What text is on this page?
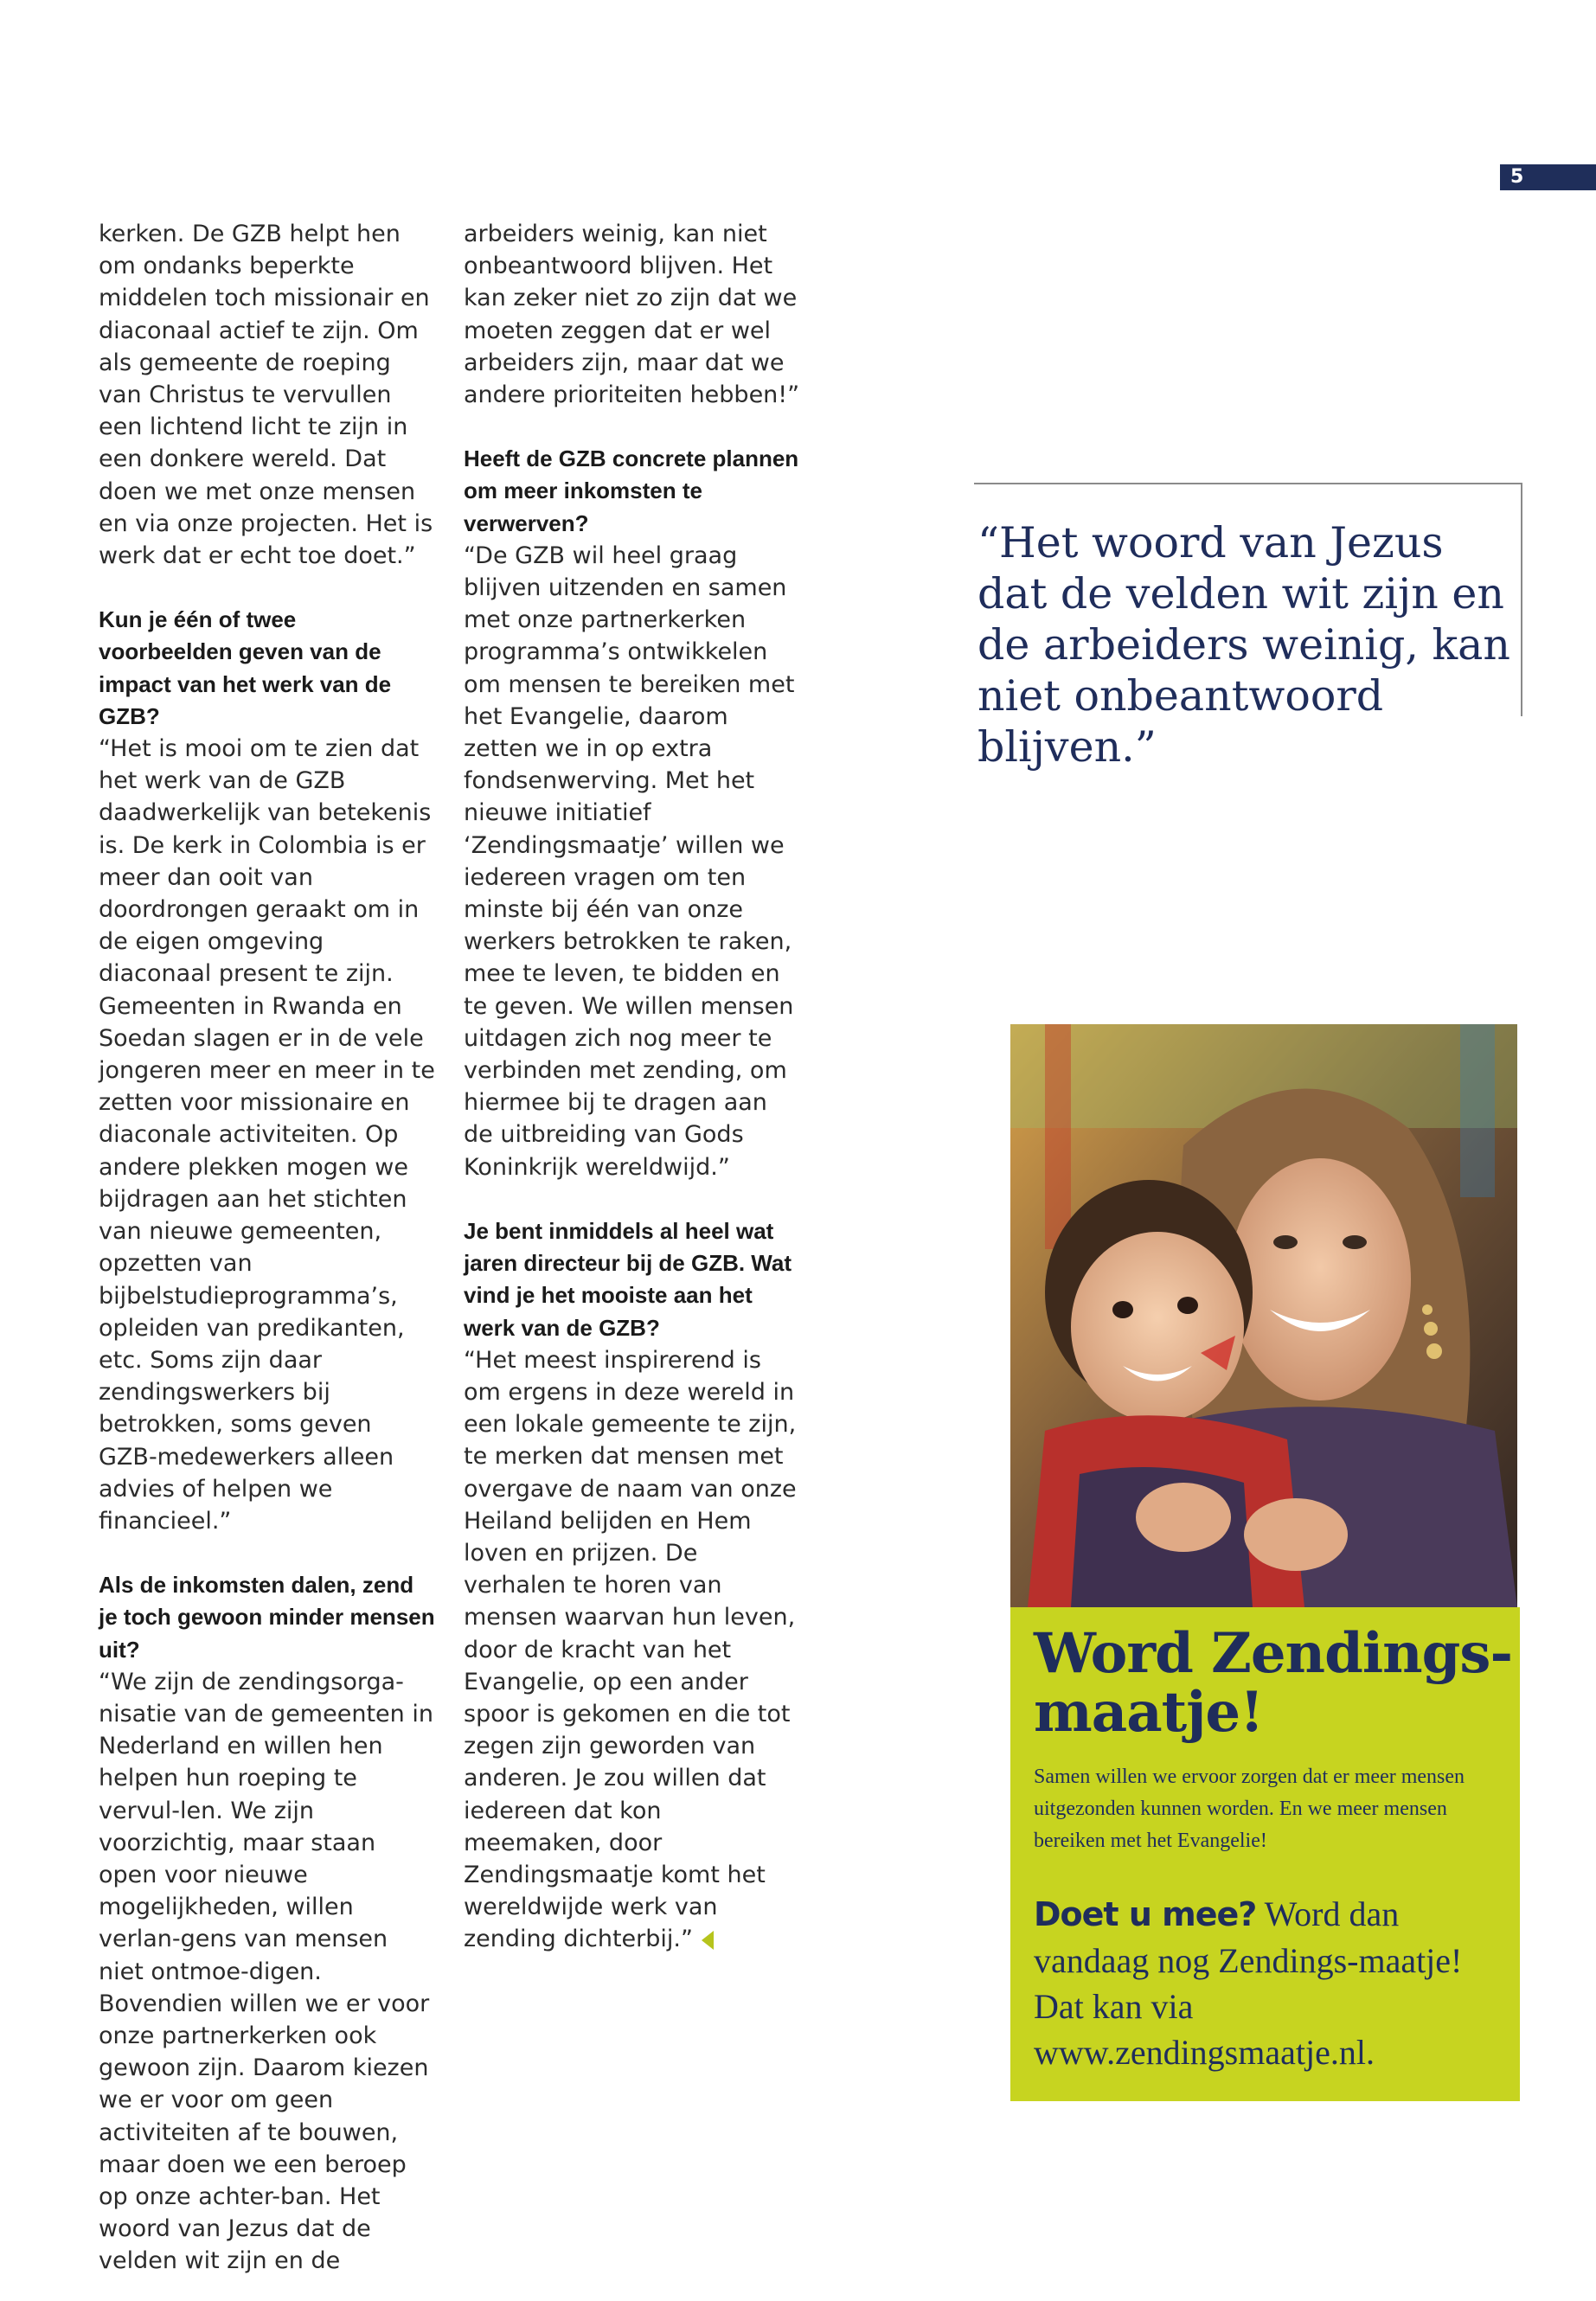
5

kerken. De GZB helpt hen om ondanks beperkte middelen toch missionair en diaconaal actief te zijn. Om als gemeente de roeping van Christus te vervullen een lichtend licht te zijn in een donkere wereld. Dat doen we met onze mensen en via onze projecten. Het is werk dat er echt toe doet.”

Kun je één of twee voorbeelden geven van de impact van het werk van de GZB?

“Het is mooi om te zien dat het werk van de GZB daadwerkelijk van betekenis is. De kerk in Colombia is er meer dan ooit van doordrongen geraakt om in de eigen omgeving diaconaal present te zijn. Gemeenten in Rwanda en Soedan slagen er in de vele jongeren meer en meer in te zetten voor missionaire en diaconale activiteiten. Op andere plekken mogen we bijdragen aan het stichten van nieuwe gemeenten, opzetten van bijbelstudieprogramma’s, opleiden van predikanten, etc. Soms zijn daar zendingswerkers bij betrokken, soms geven GZB-medewerkers alleen advies of helpen we financieel.”

Als de inkomsten dalen, zend je toch gewoon minder mensen uit?

“We zijn de zendingsorga-nisatie van de gemeenten in Nederland en willen hen helpen hun roeping te vervul-len. We zijn voorzichtig, maar staan open voor nieuwe mogelijkheden, willen verlan-gens van mensen niet ontmoe-digen. Bovendien willen we er voor onze partnerkerken ook gewoon zijn. Daarom kiezen we er voor om geen activiteiten af te bouwen, maar doen we een beroep op onze achter-ban. Het woord van Jezus dat de velden wit zijn en de

arbeiders weinig, kan niet onbeantwoord blijven. Het kan zeker niet zo zijn dat we moeten zeggen dat er wel arbeiders zijn, maar dat we andere prioriteiten hebben!”

Heeft de GZB concrete plannen om meer inkomsten te verwerven?

“De GZB wil heel graag blijven uitzenden en samen met onze partnerkerken programma’s ontwikkelen om mensen te bereiken met het Evangelie, daarom zetten we in op extra fondsenwerving. Met het nieuwe initiatief ‘Zendingsmaatje’ willen we iedereen vragen om ten minste bij één van onze werkers betrokken te raken, mee te leven, te bidden en te geven. We willen mensen uitdagen zich nog meer te verbinden met zending, om hiermee bij te dragen aan de uitbreiding van Gods Koninkrijk wereldwijd.”

Je bent inmiddels al heel wat jaren directeur bij de GZB. Wat vind je het mooiste aan het werk van de GZB?

“Het meest inspirerend is om ergens in deze wereld in een lokale gemeente te zijn, te merken dat mensen met overgave de naam van onze Heiland belijden en Hem loven en prijzen. De verhalen te horen van mensen waarvan hun leven, door de kracht van het Evangelie, op een ander spoor is gekomen en die tot zegen zijn geworden van anderen. Je zou willen dat iedereen dat kon meemaken, door Zendingsmaatje komt het wereldwijde werk van zending dichterbij.”

“Het woord van Jezus dat de velden wit zijn en de arbeiders weinig, kan niet onbeantwoord blijven.”
Word Zendings-maatje!
Samen willen we ervoor zorgen dat er meer mensen uitgezonden kunnen worden. En we meer mensen bereiken met het Evangelie!
Doet u mee? Word dan vandaag nog Zendings-maatje! Dat kan via www.zendingsmaatje.nl.
